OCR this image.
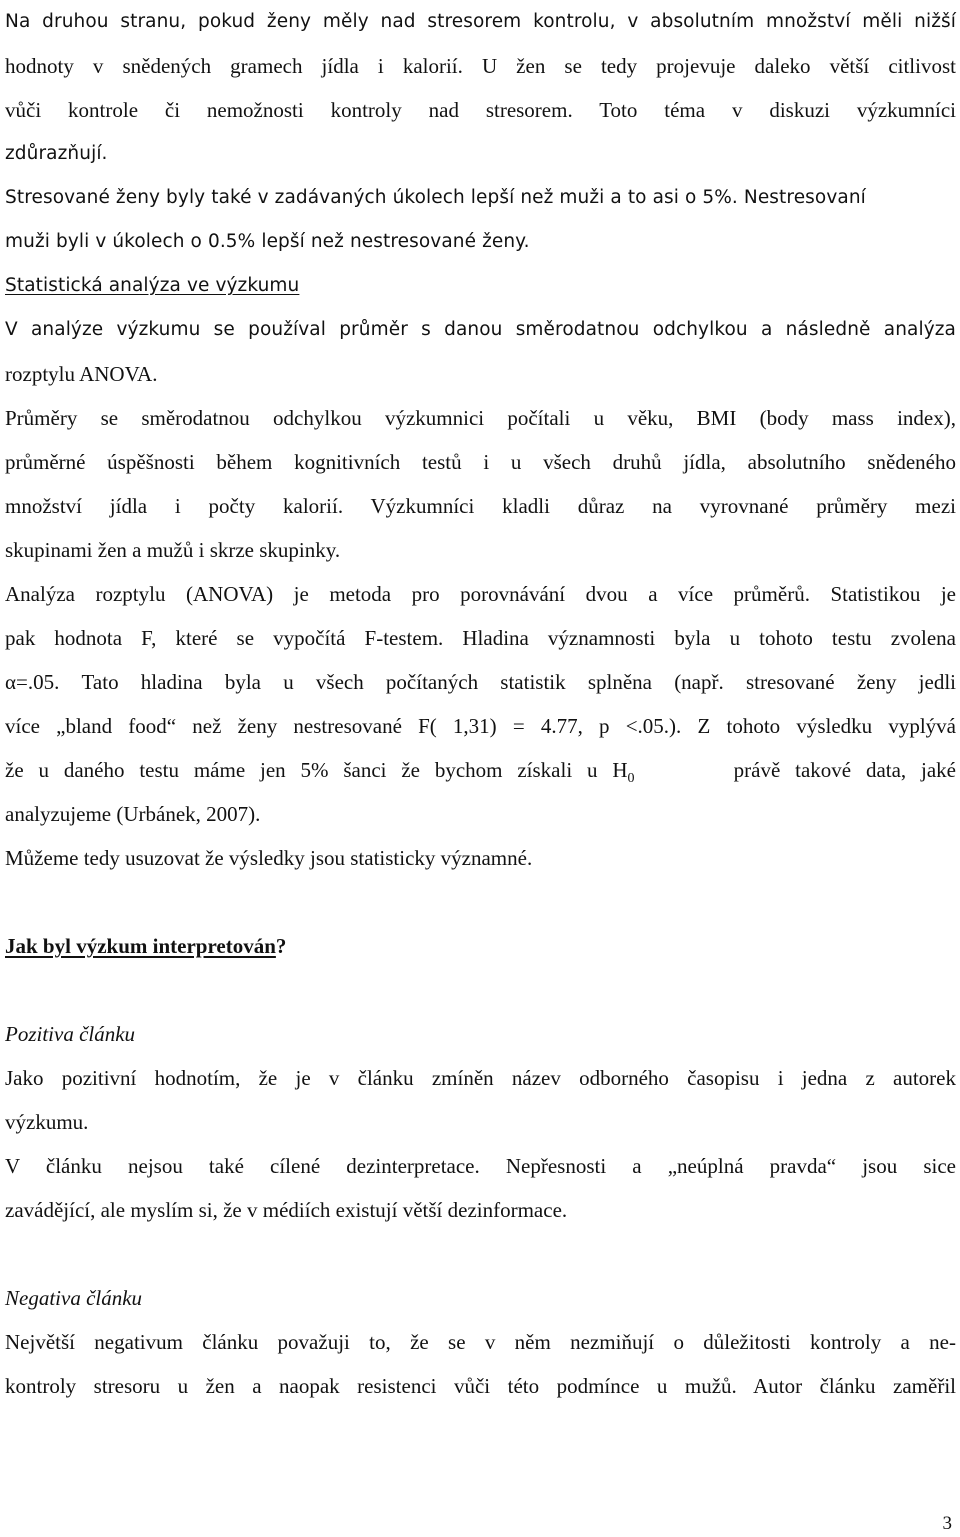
Na druhou stranu, pokud ženy měly nad stresorem kontrolu, v absolutním množství měli nižší
hodnoty v snědených gramech jídla i kalorií. U žen se tedy projevuje daleko větší citlivost
vůči kontrole či nemožnosti kontroly nad stresorem. Toto téma v diskuzi výzkumníci
zdůrazňují.
Stresované ženy byly také v zadávaných úkolech lepší než muži a to asi o 5%. Nestresovaní
muži byli v úkolech o 0.5% lepší než nestresované ženy.
Statistická analýza ve výzkumu
V analýze výzkumu se používal průměr s danou směrodatnou odchylkou a následně analýza
rozptylu ANOVA.
Průměry se směrodatnou odchylkou výzkumnici počítali u věku, BMI (body mass index),
průměrné úspěšnosti během kognitivních testů i u všech druhů jídla, absolutního snědeného
množství jídla i počty kalorií. Výzkumníci kladli důraz na vyrovnané průměry mezi
skupinami žen a mužů i skrze skupinky.
Analýza rozptylu (ANOVA) je metoda pro porovnávání dvou a více průměrů. Statistikou je
pak hodnota F, které se vypočítá F-testem. Hladina významnosti byla u tohoto testu zvolena
α=.05. Tato hladina byla u všech počítaných statistik splněna (např. stresované ženy jedli
více „bland food“ než ženy nestresované F( 1,31) = 4.77, p <.05.). Z tohoto výsledku vyplývá
že u daného testu máme jen 5% šanci že bychom získali u $H_0$	právě takové data, jaké
analyzujeme (Urbánek, 2007).
Můžeme tedy usuzovat že výsledky jsou statisticky významné.
Jak byl výzkum interpretován?
Pozitiva článku
Jako pozitivní hodnotím, že je v článku zmíněn název odborného časopisu i jedna z autorek
výzkumu.
V článku nejsou také cílené dezinterpretace. Nepřesnosti a „neúplná pravda“ jsou sice
zavádějící, ale myslím si, že v médiích existují větší dezinformace.
Negativa článku
Největší negativum článku považuji to, že se v něm nezmiňují o důležitosti kontroly a ne-
kontroly stresoru u žen a naopak resistenci vůči této podmínce u mužů. Autor článku zaměřil
3
